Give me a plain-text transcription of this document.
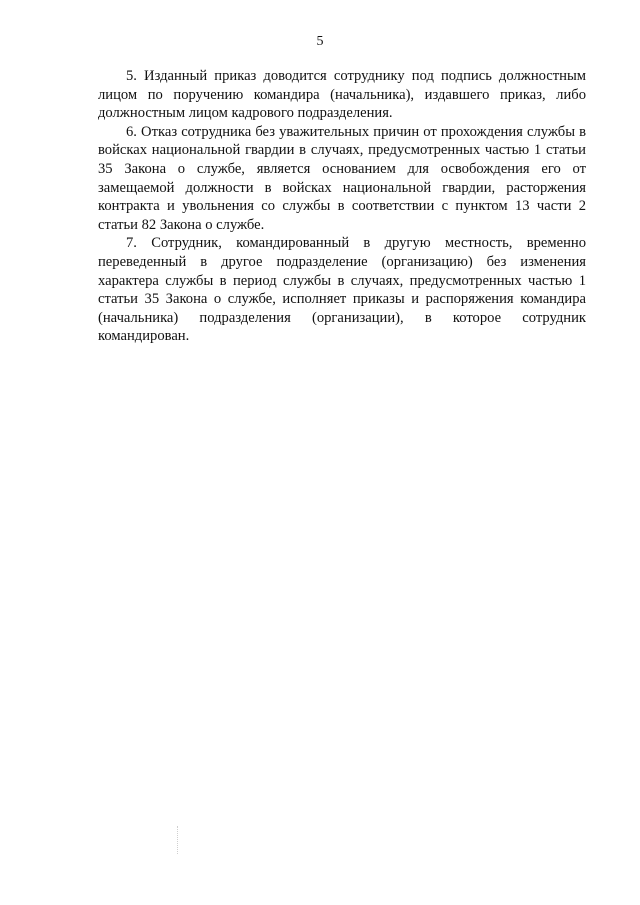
5

5. Изданный приказ доводится сотруднику под подпись должностным лицом по поручению командира (начальника), издавшего приказ, либо должностным лицом кадрового подразделения.

6. Отказ сотрудника без уважительных причин от прохождения службы в войсках национальной гвардии в случаях, предусмотренных частью 1 статьи 35 Закона о службе, является основанием для освобождения его от замещаемой должности в войсках национальной гвардии, расторжения контракта и увольнения со службы в соответствии с пунктом 13 части 2 статьи 82 Закона о службе.

7. Сотрудник, командированный в другую местность, временно переведенный в другое подразделение (организацию) без изменения характера службы в период службы в случаях, предусмотренных частью 1 статьи 35 Закона о службе, исполняет приказы и распоряжения командира (начальника) подразделения (организации), в которое сотрудник командирован.
